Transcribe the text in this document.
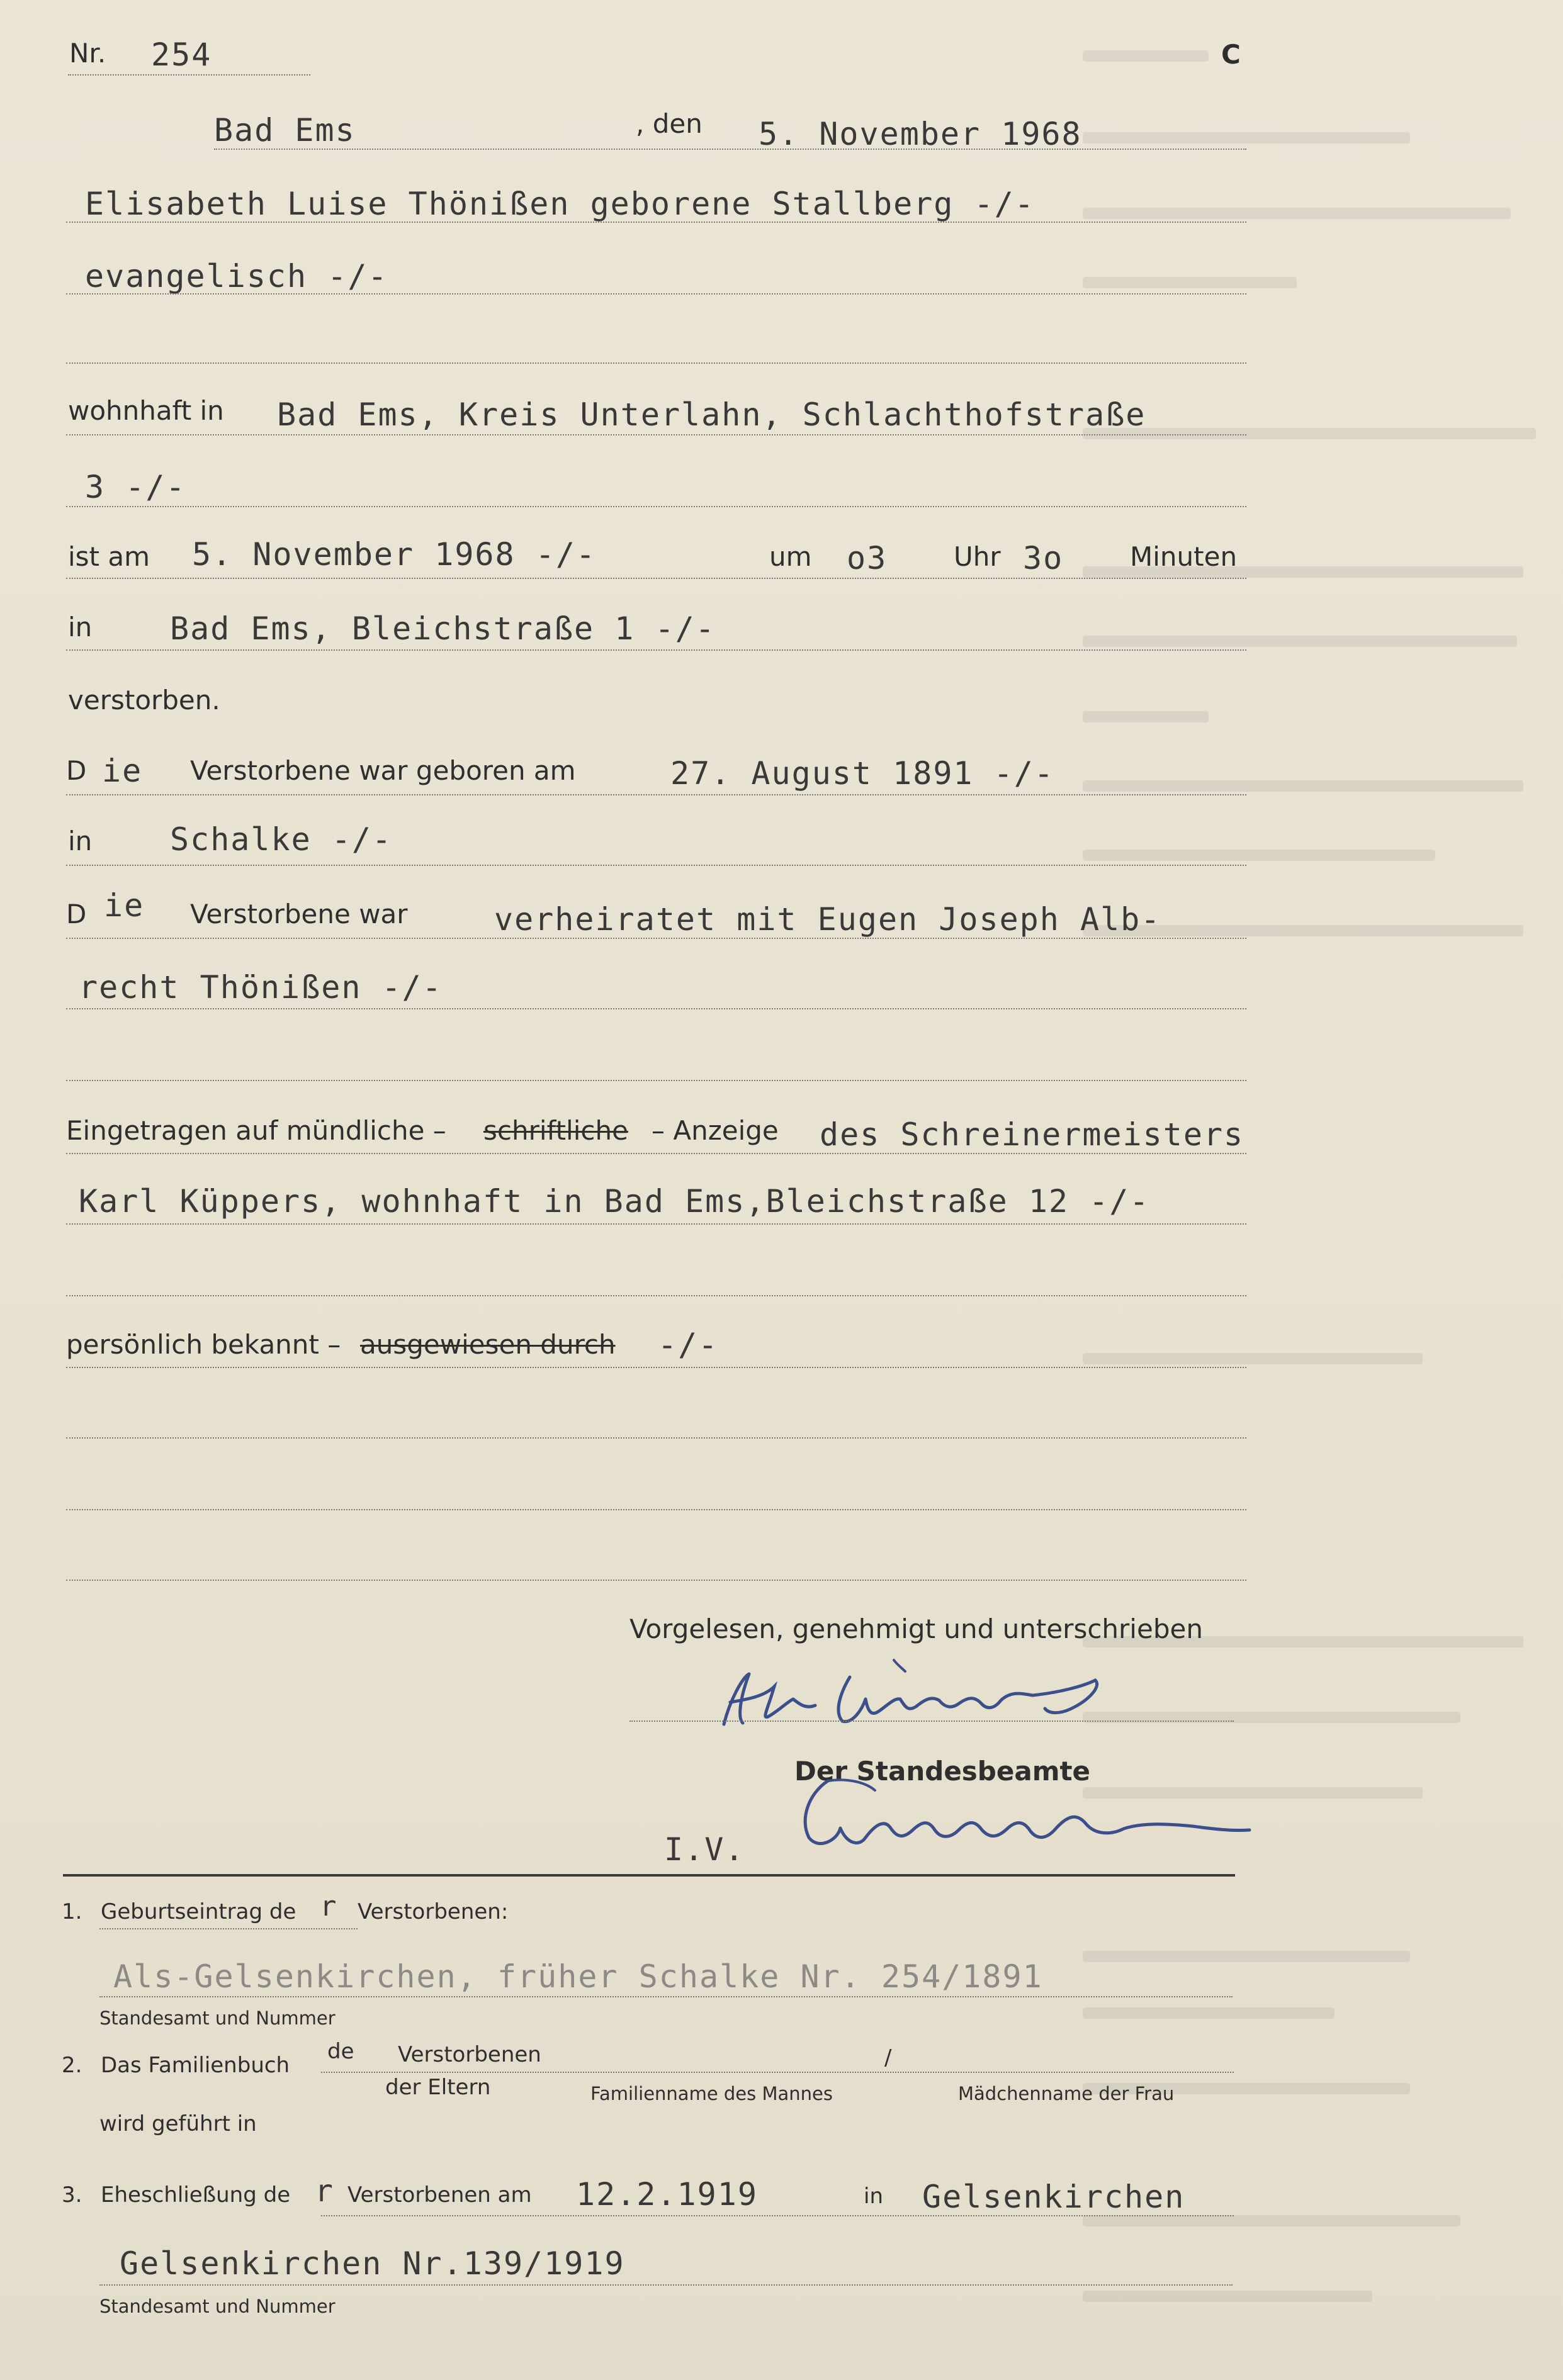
Nr. 254	C
Bad Ems	, den 5. November 1968
Elisabeth Luise Thönißen geborene Stallberg -/-
evangelisch -/-
wohnhaft in Bad Ems, Kreis Unterlahn, Schlachthofstraße
3 -/-
ist am 5. November 1968 -/-	um o3	Uhr 3o	Minuten
in Bad Ems, Bleichstraße 1 -/-
verstorben.
D ie Verstorbene war geboren am	27. August 1891 -/-
in Schalke -/-
D ie Verstorbene war	verheiratet mit Eugen Joseph Alb-
recht Thönißen -/-
Eingetragen auf mündliche – schriftliche – Anzeige des Schreinermeisters
Karl Küppers, wohnhaft in Bad Ems,Bleichstraße 12 -/-
persönlich bekannt – ausgewiesen durch -/-
Vorgelesen, genehmigt und unterschrieben
Der Standesbeamte
I.V.
1. Geburtseintrag de r Verstorbenen:
Als-Gelsenkirchen, früher Schalke Nr. 254/1891
Standesamt und Nummer
2. Das Familienbuch
de Verstorbenen
der Eltern
/
Familienname des Mannes	Mädchenname der Frau
wird geführt in
3. Eheschließung de r Verstorbenen am 12.2.1919	in Gelsenkirchen
Gelsenkirchen Nr.139/1919
Standesamt und Nummer
